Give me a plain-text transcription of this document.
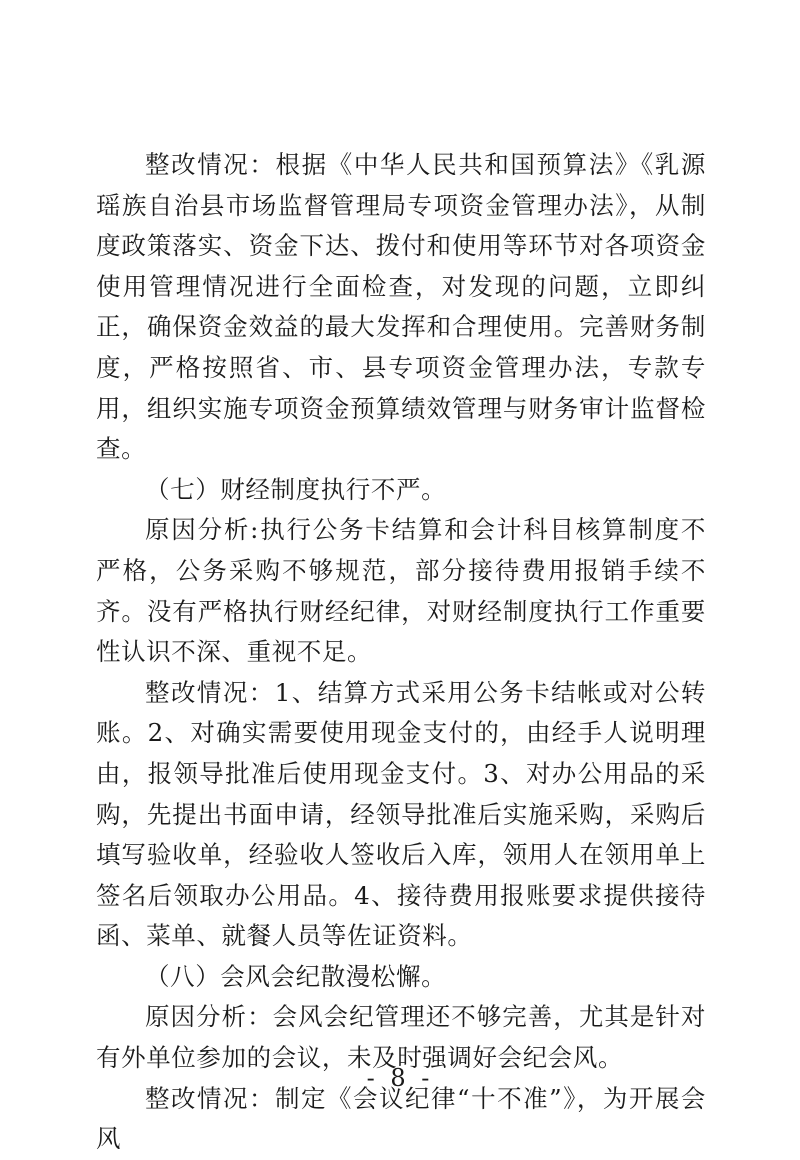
整改情况：根据《中华人民共和国预算法》《乳源瑶族自治县市场监督管理局专项资金管理办法》，从制度政策落实、资金下达、拨付和使用等环节对各项资金使用管理情况进行全面检查，对发现的问题，立即纠正，确保资金效益的最大发挥和合理使用。完善财务制度，严格按照省、市、县专项资金管理办法，专款专用，组织实施专项资金预算绩效管理与财务审计监督检查。

（七）财经制度执行不严。

原因分析:执行公务卡结算和会计科目核算制度不严格，公务采购不够规范，部分接待费用报销手续不齐。没有严格执行财经纪律，对财经制度执行工作重要性认识不深、重视不足。

整改情况：1、结算方式采用公务卡结帐或对公转账。2、对确实需要使用现金支付的，由经手人说明理由，报领导批准后使用现金支付。3、对办公用品的采购，先提出书面申请，经领导批准后实施采购，采购后填写验收单，经验收人签收后入库，领用人在领用单上签名后领取办公用品。4、接待费用报账要求提供接待函、菜单、就餐人员等佐证资料。

（八）会风会纪散漫松懈。

原因分析：会风会纪管理还不够完善，尤其是针对有外单位参加的会议，未及时强调好会纪会风。

整改情况：制定《会议纪律“十不准”》，为开展会风

- 8 -
